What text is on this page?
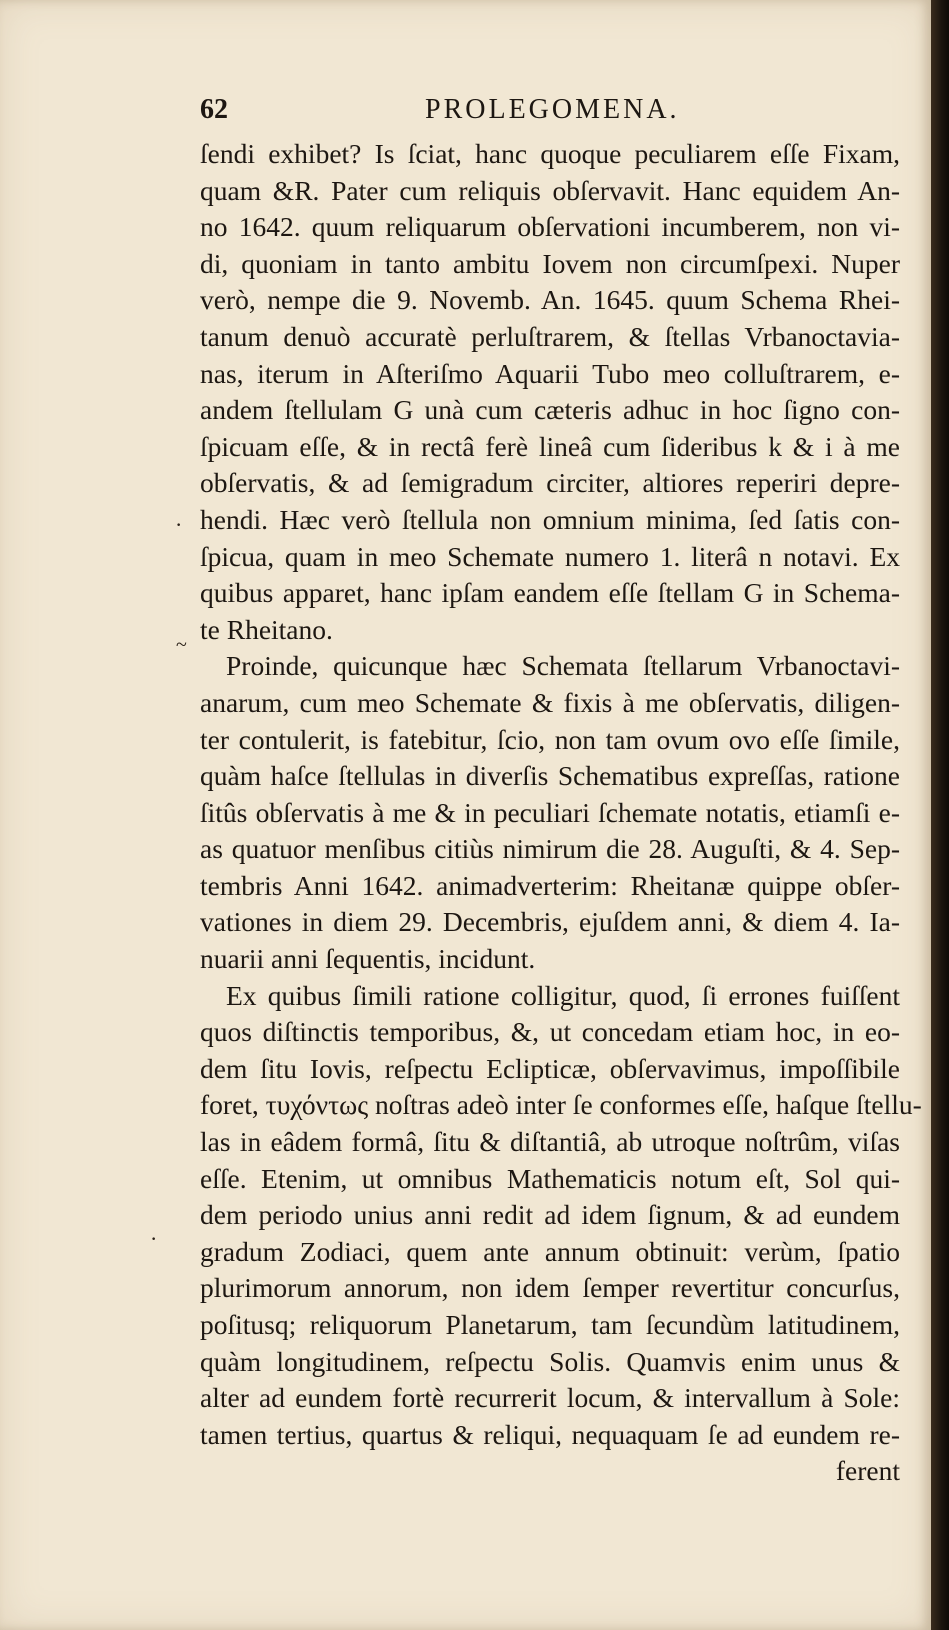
62	PROLEGOMENA.
ſendi exhibet? Is ſciat, hanc quoque peculiarem eſſe Fixam,
quam &R. Pater cum reliquis obſervavit. Hanc equidem An-
no 1642. quum reliquarum obſervationi incumberem, non vi-
di, quoniam in tanto ambitu Iovem non circumſpexi. Nuper
verò, nempe die 9. Novemb. An. 1645. quum Schema Rhei-
tanum denuò accuratè perluſtrarem, & ſtellas Vrbanoctavia-
nas, iterum in Aſteriſmo Aquarii Tubo meo colluſtrarem, e-
andem ſtellulam G unà cum cæteris adhuc in hoc ſigno con-
ſpicuam eſſe, & in rectâ ferè lineâ cum ſideribus k & i à me
obſervatis, & ad ſemigradum circiter, altiores reperiri depre-
hendi. Hæc verò ſtellula non omnium minima, ſed ſatis con-
ſpicua, quam in meo Schemate numero 1. literâ n notavi. Ex
quibus apparet, hanc ipſam eandem eſſe ſtellam G in Schema-
te Rheitano.
Proinde, quicunque hæc Schemata ſtellarum Vrbanoctavi-
anarum, cum meo Schemate & fixis à me obſervatis, diligen-
ter contulerit, is fatebitur, ſcio, non tam ovum ovo eſſe ſimile,
quàm haſce ſtellulas in diverſis Schematibus expreſſas, ratione
ſitûs obſervatis à me & in peculiari ſchemate notatis, etiamſi e-
as quatuor menſibus citiùs nimirum die 28. Auguſti, & 4. Sep-
tembris Anni 1642. animadverterim: Rheitanæ quippe obſer-
vationes in diem 29. Decembris, ejuſdem anni, & diem 4. Ia-
nuarii anni ſequentis, incidunt.
Ex quibus ſimili ratione colligitur, quod, ſi errones fuiſſent
quos diſtinctis temporibus, &, ut concedam etiam hoc, in eo-
dem ſitu Iovis, reſpectu Eclipticæ, obſervavimus, impoſſibile
foret, τυχόντως noſtras adeò inter ſe conformes eſſe, haſque ſtellu-
las in eâdem formâ, ſitu & diſtantiâ, ab utroque noſtrûm, viſas
eſſe. Etenim, ut omnibus Mathematicis notum eſt, Sol qui-
dem periodo unius anni redit ad idem ſignum, & ad eundem
gradum Zodiaci, quem ante annum obtinuit: verùm, ſpatio
plurimorum annorum, non idem ſemper revertitur concurſus,
poſitusq; reliquorum Planetarum, tam ſecundùm latitudinem,
quàm longitudinem, reſpectu Solis. Quamvis enim unus &
alter ad eundem fortè recurrerit locum, & intervallum à Sole:
tamen tertius, quartus & reliqui, nequaquam ſe ad eundem re-
ferent
·
~
·
